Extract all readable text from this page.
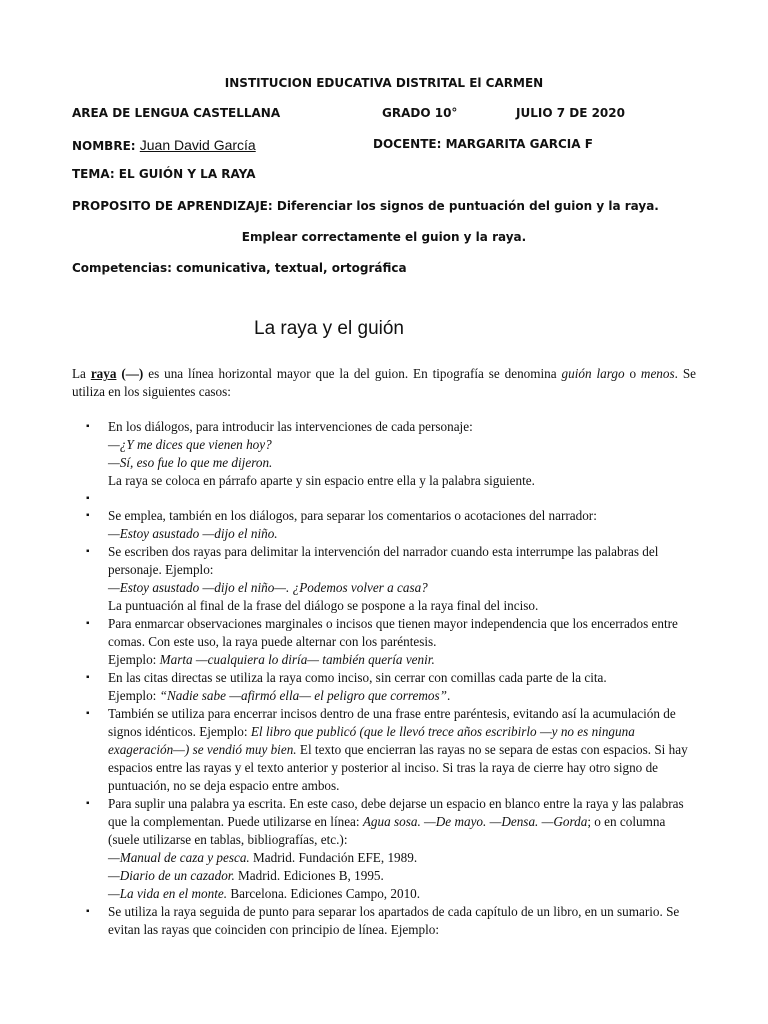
INSTITUCION EDUCATIVA DISTRITAL El CARMEN
AREA DE LENGUA CASTELLANA	GRADO 10°	JULIO 7 DE 2020
NOMBRE: Juan David García	DOCENTE: MARGARITA GARCIA F
TEMA: EL GUIÓN Y LA RAYA
PROPOSITO DE APRENDIZAJE: Diferenciar los signos de puntuación del guion y la raya.
Emplear correctamente el guion y la raya.
Competencias: comunicativa, textual, ortográfica
La raya y el guión
La raya (—) es una línea horizontal mayor que la del guion. En tipografía se denomina guión largo o menos. Se utiliza en los siguientes casos:
▪ En los diálogos, para introducir las intervenciones de cada personaje:
—¿Y me dices que vienen hoy?
—Sí, eso fue lo que me dijeron.
La raya se coloca en párrafo aparte y sin espacio entre ella y la palabra siguiente.
▪
▪ Se emplea, también en los diálogos, para separar los comentarios o acotaciones del narrador:
—Estoy asustado —dijo el niño.
▪ Se escriben dos rayas para delimitar la intervención del narrador cuando esta interrumpe las palabras del personaje. Ejemplo:
—Estoy asustado —dijo el niño—. ¿Podemos volver a casa?
La puntuación al final de la frase del diálogo se pospone a la raya final del inciso.
▪ Para enmarcar observaciones marginales o incisos que tienen mayor independencia que los encerrados entre comas. Con este uso, la raya puede alternar con los paréntesis.
Ejemplo: Marta —cualquiera lo diría— también quería venir.
▪ En las citas directas se utiliza la raya como inciso, sin cerrar con comillas cada parte de la cita.
Ejemplo: “Nadie sabe —afirmó ella— el peligro que corremos”.
▪ También se utiliza para encerrar incisos dentro de una frase entre paréntesis, evitando así la acumulación de signos idénticos. Ejemplo: El libro que publicó (que le llevó trece años escribirlo —y no es ninguna exageración—) se vendió muy bien. El texto que encierran las rayas no se separa de estas con espacios. Si hay espacios entre las rayas y el texto anterior y posterior al inciso. Si tras la raya de cierre hay otro signo de puntuación, no se deja espacio entre ambos.
▪ Para suplir una palabra ya escrita. En este caso, debe dejarse un espacio en blanco entre la raya y las palabras que la complementan. Puede utilizarse en línea: Agua sosa. —De mayo. —Densa. —Gorda; o en columna (suele utilizarse en tablas, bibliografías, etc.):
—Manual de caza y pesca. Madrid. Fundación EFE, 1989.
—Diario de un cazador. Madrid. Ediciones B, 1995.
—La vida en el monte. Barcelona. Ediciones Campo, 2010.
▪ Se utiliza la raya seguida de punto para separar los apartados de cada capítulo de un libro, en un sumario. Se evitan las rayas que coinciden con principio de línea. Ejemplo:
